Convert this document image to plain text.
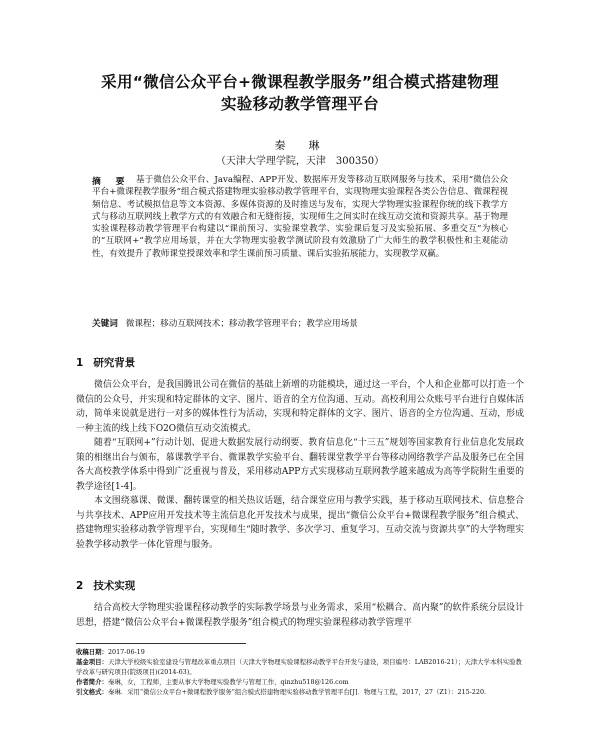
采用“微信公众平台+微课程教学服务”组合模式搭建物理
实验移动教学管理平台
秦　琳
（天津大学理学院，天津　300350）
摘　要 基于微信公众平台、Java编程、APP开发、数据库开发等移动互联网服务与技术，采用“微信公众平台+微课程教学服务”组合模式搭建物理实验移动教学管理平台，实现物理实验课程各类公告信息、微课程视频信息、考试模拟信息等文本资源、多媒体资源的及时推送与发布，实现大学物理实验课程你统的线下教学方式与移动互联网线上教学方式的有效融合和无缝衔接，实现师生之间实时在线互动交流和资源共享。基于物理实验课程移动教学管理平台构建以“课前预习、实验课堂教学、实验课后复习及实验拓展、多重交互”为核心的“互联网+”教学应用场景，并在大学物理实验教学测试阶段有效激励了广大师生的教学积极性和主观能动性，有效提升了教师课堂授课效率和学生课前预习质量、课后实验拓展能力，实现教学双赢。

关键词 微课程；移动互联网技术；移动教学管理平台；教学应用场景
1 研究背景

微信公众平台，是我国腾讯公司在微信的基础上新增的功能模块，通过这一平台，个人和企业都可以打造一个微信的公众号，并实现和特定群体的文字、图片、语音的全方位沟通、互动。高校利用公众账号平台进行自媒体活动，简单来说就是进行一对多的媒体性行为活动，实现和特定群体的文字、图片、语音的全方位沟通、互动，形成一种主流的线上线下O2O微信互动交流模式。

随着“互联网+”行动计划、促进大数据发展行动纲要、教育信息化“十三五”规划等国家教育行业信息化发展政策的相继出台与颁布，慕课教学平台、微课教学实验平台、翻转课堂教学平台等移动网络教学产品及服务已在全国各大高校教学体系中得到广泛重视与普及，采用移动APP方式实现移动互联网教学越来越成为高等学院附生重要的教学途径[1-4]。

本文围绕慕课、微课、翻转课堂的相关热议话题，结合课堂应用与教学实践，基于移动互联网技术、信息整合与共享技术、APP应用开发技术等主流信息化开发技术与成果，提出“微信公众平台+微课程教学服务”组合模式、搭建物理实验移动教学管理平台，实现师生“随时教学、多次学习、重复学习、互动交流与资源共享”的大学物理实验教学移动教学一体化管理与服务。

2 技术实现

结合高校大学物理实验课程移动教学的实际教学场景与业务需求，采用“松耦合、高内聚”的软件系统分层设计思想，搭建“微信公众平台+微课程教学服务”组合模式的物理实验课程移动教学管理平

收稿日期：2017-06-19

基金项目：天津大学校级实验室建设与管理改革重点项目（天津大学物理实验课程移动教学平台开发与建设，项目编号：LAB2016-21）；天津大学本科实验教学改革与研究项目(院级项目)(2014-63)。

作者简介：秦琳，女，工程师，主要从事大学物理实验教学与管理工作，qinzhu518@126.com

引文格式：秦琳．采用“微信公众平台+微课程教学服务”组合模式搭建物理实验移动教学管理平台[J]．物理与工程，2017，27（Z1）：215-220.
